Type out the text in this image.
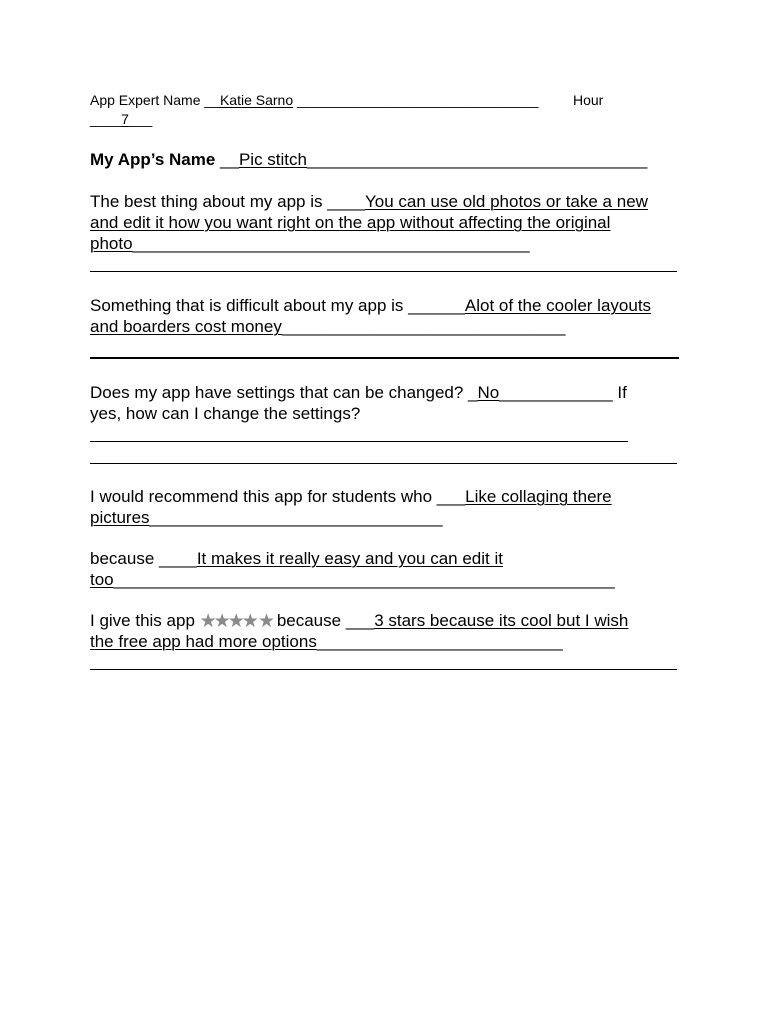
App Expert Name __Katie Sarno _______________________________ Hour
____7___
My App’s Name __Pic stitch____________________________________
The best thing about my app is ____You can use old photos or take a new
and edit it how you want right on the app without affecting the original
photo__________________________________________
Something that is difficult about my app is ______Alot of the cooler layouts
and boarders cost money______________________________
Does my app have settings that can be changed? _No____________ If
yes, how can I change the settings?
I would recommend this app for students who ___Like collaging there
pictures_______________________________
because ____It makes it really easy and you can edit it
too_____________________________________________________
I give this app ★★★★ ★ because ___3 stars because its cool but I wish
the free app had more options__________________________
